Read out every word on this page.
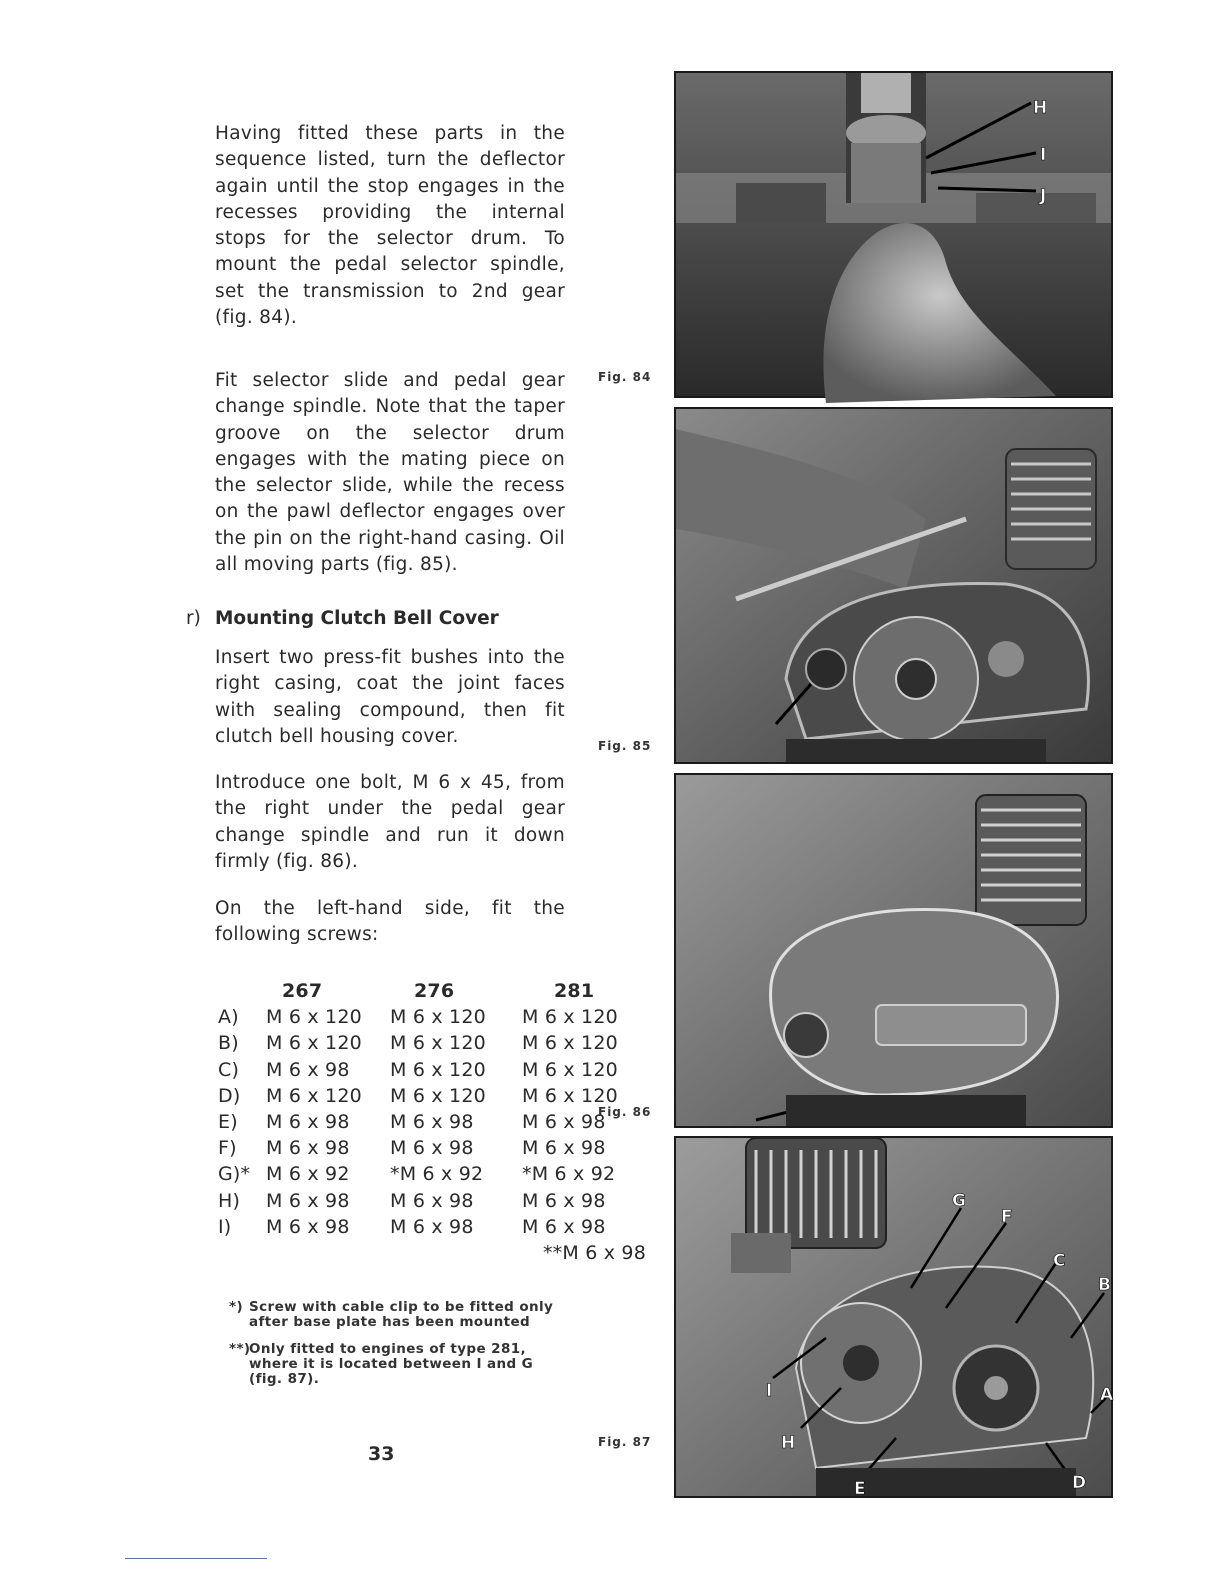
Having fitted these parts in the sequence listed, turn the deflector again until the stop engages in the recesses providing the internal stops for the selector drum. To mount the pedal selector spindle, set the transmission to 2nd gear (fig. 84).

Fit selector slide and pedal gear change spindle. Note that the taper groove on the selector drum engages with the mating piece on the selector slide, while the recess on the pawl deflector engages over the pin on the right-hand casing. Oil all moving parts (fig. 85).

r) Mounting Clutch Bell Cover

Insert two press-fit bushes into the right casing, coat the joint faces with sealing compound, then fit clutch bell housing cover.

Introduce one bolt, M 6 x 45, from the right under the pedal gear change spindle and run it down firmly (fig. 86).

On the left-hand side, fit the following screws:

	267	276	281
A)	M 6 x 120	M 6 x 120	M 6 x 120
B)	M 6 x 120	M 6 x 120	M 6 x 120
C)	M 6 x 98	M 6 x 120	M 6 x 120
D)	M 6 x 120	M 6 x 120	M 6 x 120
E)	M 6 x 98	M 6 x 98	M 6 x 98
F)	M 6 x 98	M 6 x 98	M 6 x 98
G)*	M 6 x 92	*M 6 x 92	*M 6 x 92
H)	M 6 x 98	M 6 x 98	M 6 x 98
I)	M 6 x 98	M 6 x 98	M 6 x 98
			**M 6 x 98
*) Screw with cable clip to be fitted only after base plate has been mounted
**)Only fitted to engines of type 281, where it is located between I and G (fig. 87).
33
Fig. 84
Fig. 85
Fig. 86
Fig. 87
H
I
J
G
F
C
B
A
I
H
E	D
